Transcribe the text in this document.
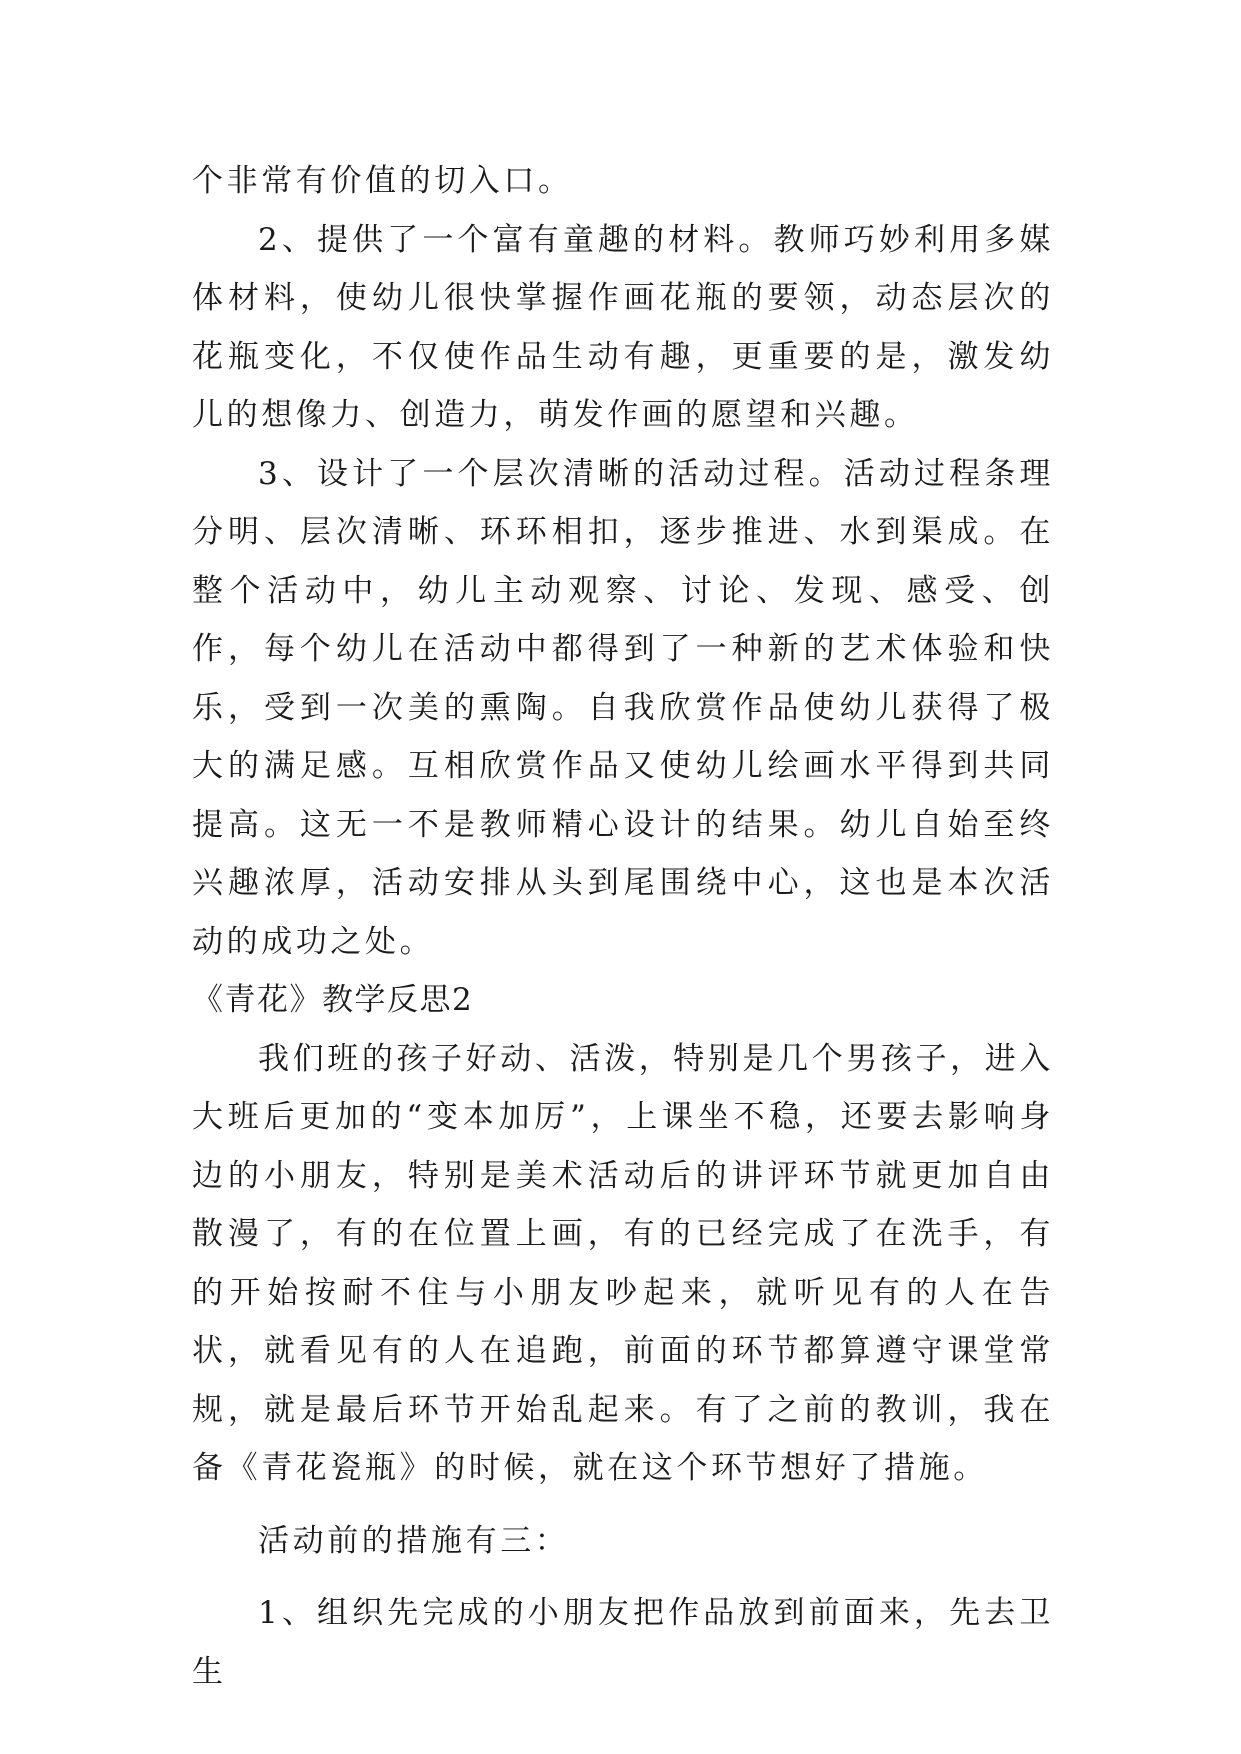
个非常有价值的切入口。

2、提供了一个富有童趣的材料。教师巧妙利用多媒体材料，使幼儿很快掌握作画花瓶的要领，动态层次的花瓶变化，不仅使作品生动有趣，更重要的是，激发幼儿的想像力、创造力，萌发作画的愿望和兴趣。

3、设计了一个层次清晰的活动过程。活动过程条理分明、层次清晰、环环相扣，逐步推进、水到渠成。在整个活动中，幼儿主动观察、讨论、发现、感受、创作，每个幼儿在活动中都得到了一种新的艺术体验和快乐，受到一次美的熏陶。自我欣赏作品使幼儿获得了极大的满足感。互相欣赏作品又使幼儿绘画水平得到共同提高。这无一不是教师精心设计的结果。幼儿自始至终兴趣浓厚，活动安排从头到尾围绕中心，这也是本次活动的成功之处。

《青花》教学反思2

我们班的孩子好动、活泼，特别是几个男孩子，进入大班后更加的“变本加厉”，上课坐不稳，还要去影响身边的小朋友，特别是美术活动后的讲评环节就更加自由散漫了，有的在位置上画，有的已经完成了在洗手，有的开始按耐不住与小朋友吵起来，就听见有的人在告状，就看见有的人在追跑，前面的环节都算遵守课堂常规，就是最后环节开始乱起来。有了之前的教训，我在备《青花瓷瓶》的时候，就在这个环节想好了措施。

活动前的措施有三：

1、组织先完成的小朋友把作品放到前面来，先去卫生
